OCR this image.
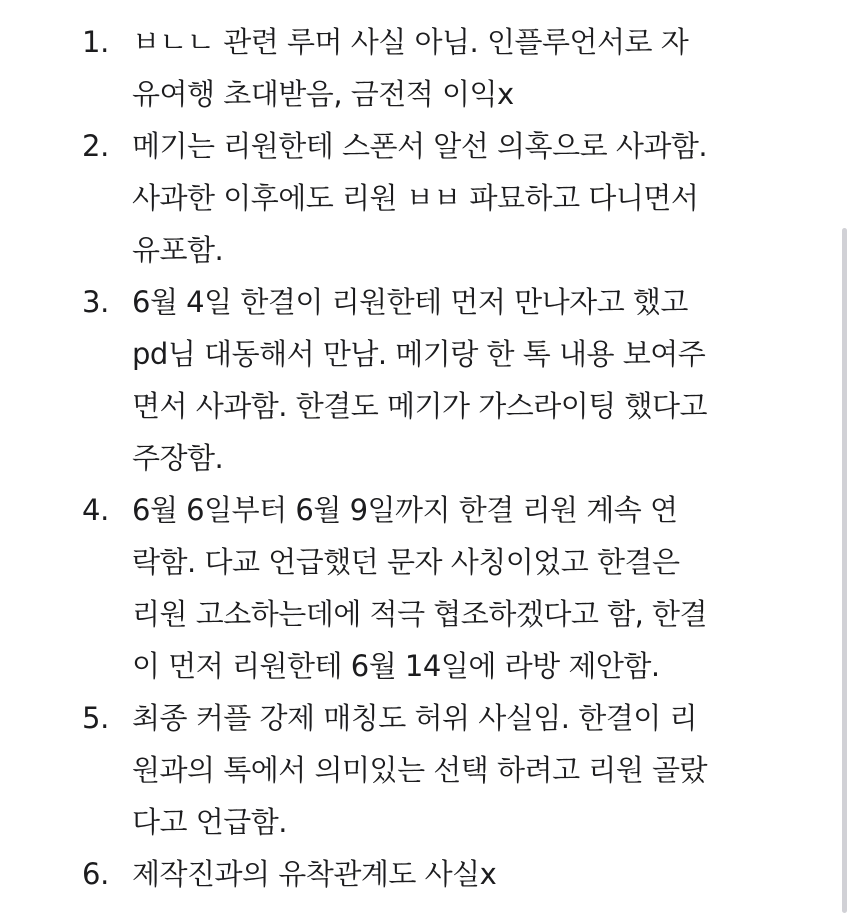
1. ㅂㄴㄴ 관련 루머 사실 아님. 인플루언서로 자
유여행 초대받음, 금전적 이익x
2. 메기는 리원한테 스폰서 알선 의혹으로 사과함.
사과한 이후에도 리원 ㅂㅂ 파묘하고 다니면서
유포함.
3. 6월 4일 한결이 리원한테 먼저 만나자고 했고
pd님 대동해서 만남. 메기랑 한 톡 내용 보여주
면서 사과함. 한결도 메기가 가스라이팅 했다고
주장함.
4. 6월 6일부터 6월 9일까지 한결 리원 계속 연
락함. 다교 언급했던 문자 사칭이었고 한결은
리원 고소하는데에 적극 협조하겠다고 함, 한결
이 먼저 리원한테 6월 14일에 라방 제안함.
5. 최종 커플 강제 매칭도 허위 사실임. 한결이 리
원과의 톡에서 의미있는 선택 하려고 리원 골랐
다고 언급함.
6. 제작진과의 유착관계도 사실x
